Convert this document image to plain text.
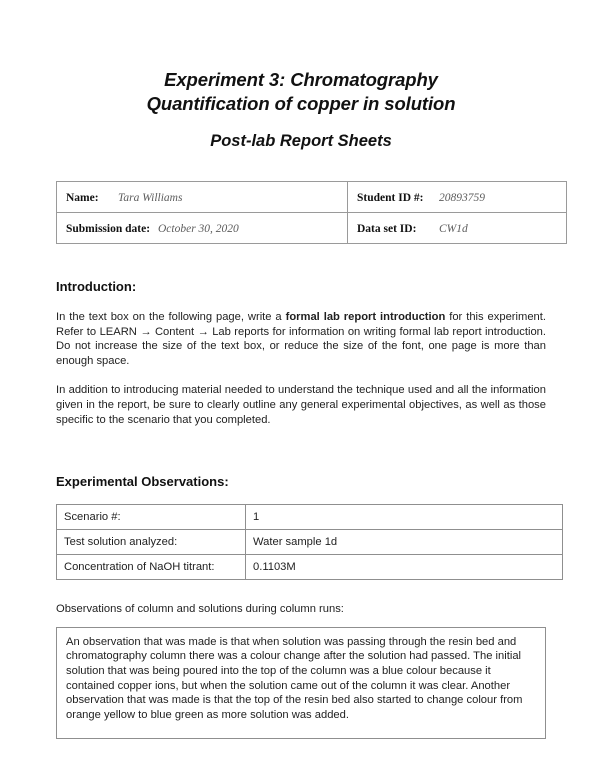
Experiment 3: Chromatography
Quantification of copper in solution
Post-lab Report Sheets
Name: Tara Williams	Student ID #: 20893759
Submission date: October 30, 2020	Data set ID: CW1d
Introduction:
In the text box on the following page, write a formal lab report introduction for this experiment. Refer to LEARN → Content → Lab reports for information on writing formal lab report introduction. Do not increase the size of the text box, or reduce the size of the font, one page is more than enough space.
In addition to introducing material needed to understand the technique used and all the information given in the report, be sure to clearly outline any general experimental objectives, as well as those specific to the scenario that you completed.
Experimental Observations:
Scenario #:	1
Test solution analyzed:	Water sample 1d
Concentration of NaOH titrant:	0.1103M
Observations of column and solutions during column runs:
An observation that was made is that when solution was passing through the resin bed and chromatography column there was a colour change after the solution had passed. The initial solution that was being poured into the top of the column was a blue colour because it contained copper ions, but when the solution came out of the column it was clear. Another observation that was made is that the top of the resin bed also started to change colour from orange yellow to blue green as more solution was added.
